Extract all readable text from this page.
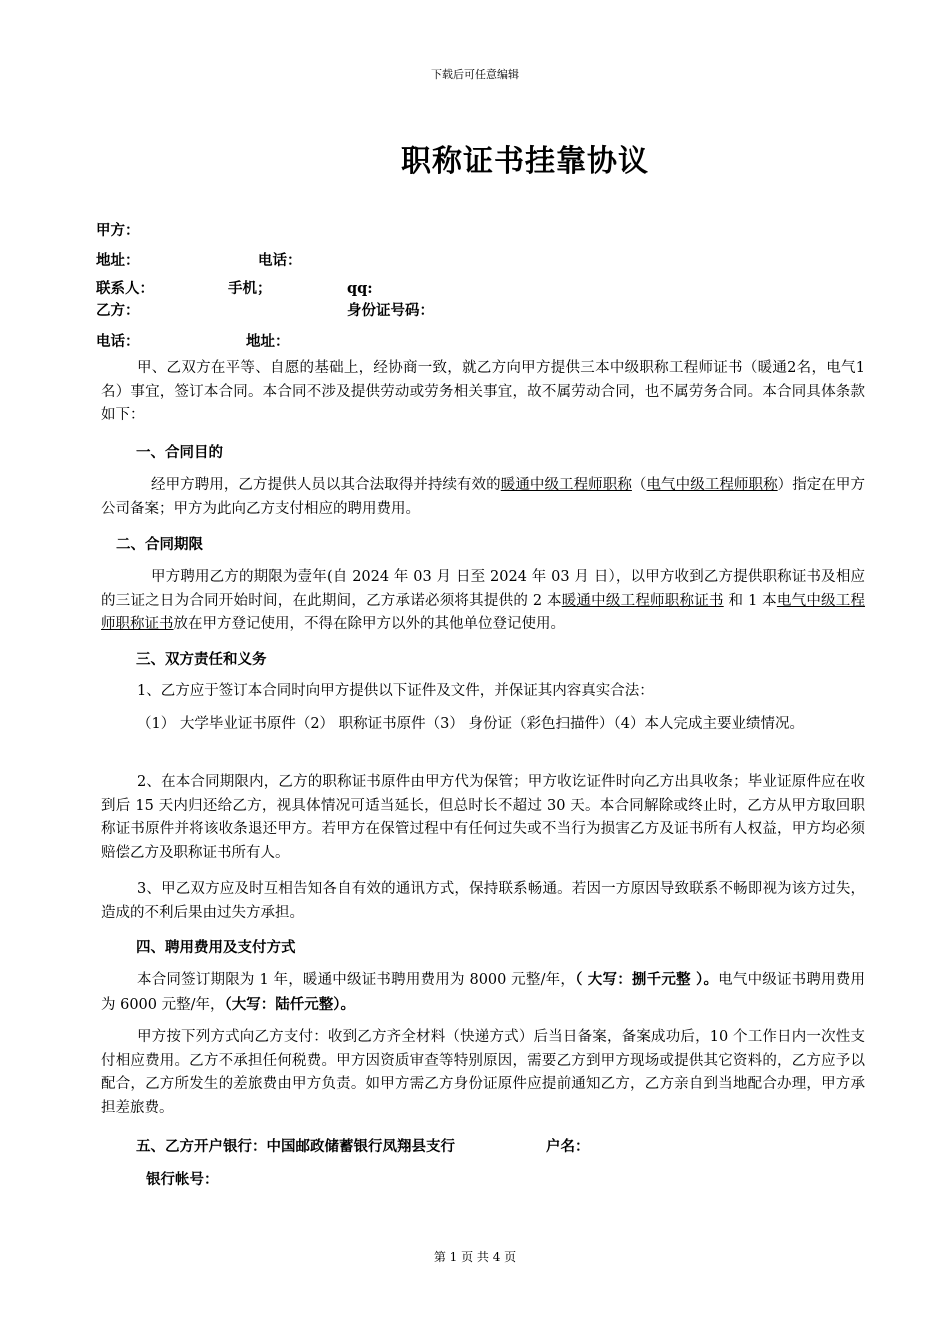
下载后可任意编辑
职称证书挂靠协议
甲方：
地址：	电话：
联系人：	手机；	qq:
乙方：	身份证号码：
电话：	地址：
甲、乙双方在平等、自愿的基础上，经协商一致，就乙方向甲方提供三本中级职称工程师证书（暖通2名，电气1名）事宜，签订本合同。本合同不涉及提供劳动或劳务相关事宜，故不属劳动合同，也不属劳务合同。本合同具体条款如下：
一、合同目的
经甲方聘用，乙方提供人员以其合法取得并持续有效的暖通中级工程师职称（电气中级工程师职称）指定在甲方公司备案；甲方为此向乙方支付相应的聘用费用。
二、合同期限
甲方聘用乙方的期限为壹年(自 2024 年 03 月 日至 2024 年 03 月 日），以甲方收到乙方提供职称证书及相应的三证之日为合同开始时间，在此期间，乙方承诺必须将其提供的 2 本暖通中级工程师职称证书 和 1 本电气中级工程师职称证书放在甲方登记使用，不得在除甲方以外的其他单位登记使用。
三、双方责任和义务
1、乙方应于签订本合同时向甲方提供以下证件及文件，并保证其内容真实合法：
（1） 大学毕业证书原件（2） 职称证书原件（3） 身份证（彩色扫描件）（4）本人完成主要业绩情况。
2、在本合同期限内，乙方的职称证书原件由甲方代为保管；甲方收讫证件时向乙方出具收条；毕业证原件应在收到后 15 天内归还给乙方，视具体情况可适当延长，但总时长不超过 30 天。本合同解除或终止时，乙方从甲方取回职称证书原件并将该收条退还甲方。若甲方在保管过程中有任何过失或不当行为损害乙方及证书所有人权益，甲方均必须赔偿乙方及职称证书所有人。
3、甲乙双方应及时互相告知各自有效的通讯方式，保持联系畅通。若因一方原因导致联系不畅即视为该方过失，造成的不利后果由过失方承担。
四、聘用费用及支付方式
本合同签订期限为 1 年，暖通中级证书聘用费用为 8000 元整/年，（ 大写：捌千元整 ）。电气中级证书聘用费用为 6000 元整/年，（大写：陆仟元整）。
甲方按下列方式向乙方支付：收到乙方齐全材料（快递方式）后当日备案，备案成功后，10 个工作日内一次性支付相应费用。乙方不承担任何税费。甲方因资质审查等特别原因，需要乙方到甲方现场或提供其它资料的，乙方应予以配合，乙方所发生的差旅费由甲方负责。如甲方需乙方身份证原件应提前通知乙方，乙方亲自到当地配合办理，甲方承担差旅费。
五、乙方开户银行：中国邮政储蓄银行凤翔县支行	户名：
银行帐号：
第 1 页 共 4 页
